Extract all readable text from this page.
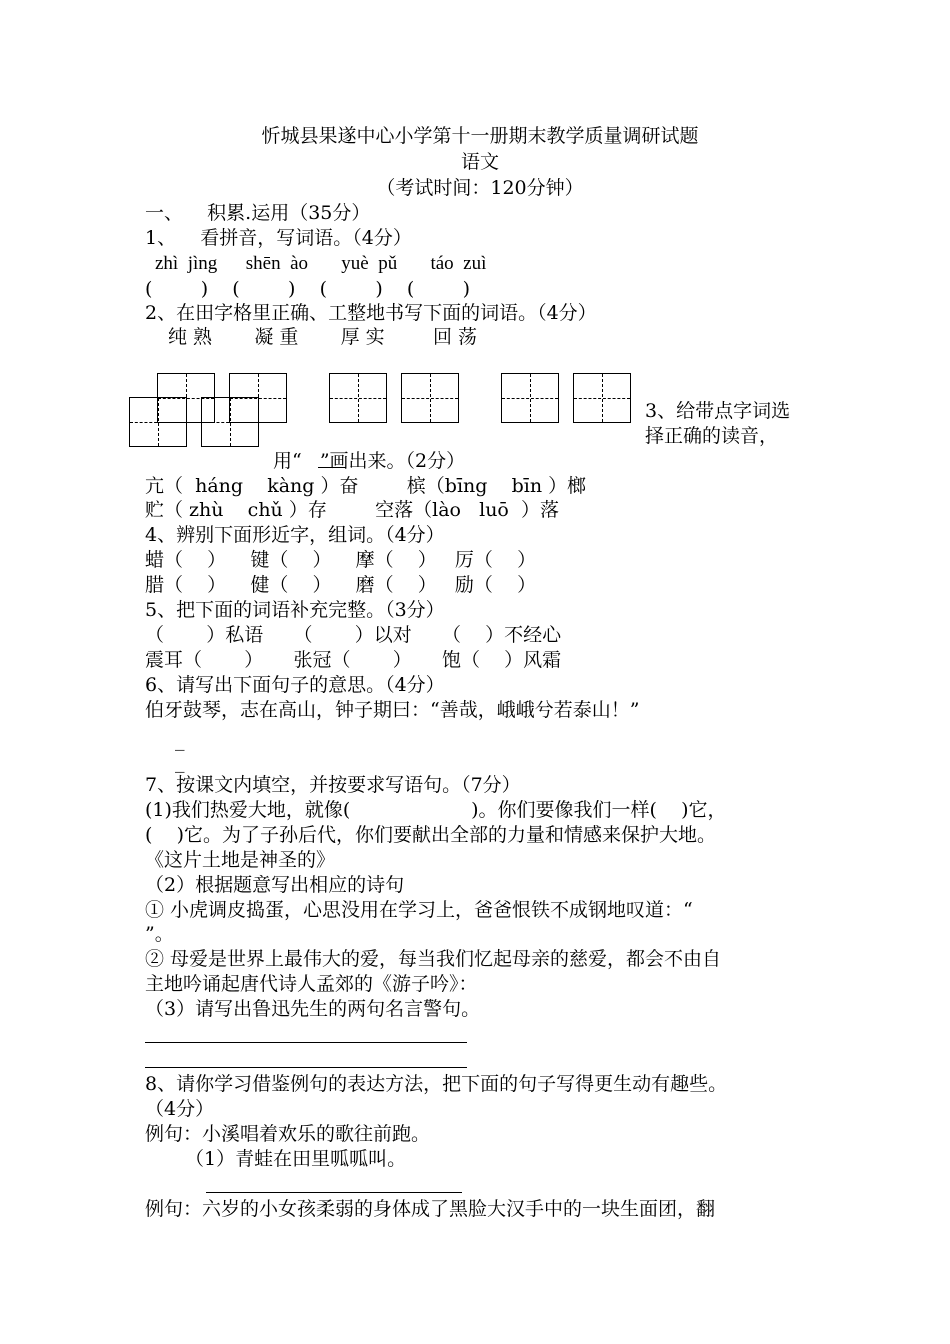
忻城县果遂中心小学第十一册期末教学质量调研试题
语文
（考试时间：120分钟）
一、    积累.运用（35分）
1、    看拼音，写词语。（4分）
zhì  jìng      shēn  ào       yuè  pǔ       táo  zuì
(        )    (        )    (        )    (        )
2、在田字格里正确、工整地书写下面的词语。（4分）
纯 熟       凝 重       厚 实        回 荡
3、给带点字词选
择正确的读音，
用“   ”画出来。（2分）
亢（  háng    kàng ）奋        槟（bīng    bīn ）榔
贮（ zhù    chǔ ）存        空落（lào   luō  ）落
4、辨别下面形近字，组词。（4分）
蜡（    ）    键（    ）    摩（    ）   厉（    ）
腊（    ）    健（    ）    磨（    ）   励（    ）
5、把下面的词语补充完整。（3分）
（       ）私语     （       ）以对     （    ）不经心
震耳（       ）     张冠（       ）     饱（    ）风霜
6、请写出下面句子的意思。（4分）
伯牙鼓琴，志在高山，钟子期曰：“善哉，峨峨兮若泰山！”
_
_
7、按课文内填空，并按要求写语句。（7分）
(1)我们热爱大地，就像(                    )。你们要像我们一样(    )它，
(    )它。为了子孙后代，你们要献出全部的力量和情感来保护大地。
《这片土地是神圣的》
（2）根据题意写出相应的诗句
① 小虎调皮捣蛋，心思没用在学习上，爸爸恨铁不成钢地叹道：“
”。
② 母爱是世界上最伟大的爱，每当我们忆起母亲的慈爱，都会不由自
主地吟诵起唐代诗人孟郊的《游子吟》：
（3）请写出鲁迅先生的两句名言警句。
8、请你学习借鉴例句的表达方法，把下面的句子写得更生动有趣些。
（4分）
例句：小溪唱着欢乐的歌往前跑。
（1）青蛙在田里呱呱叫。
例句：六岁的小女孩柔弱的身体成了黑脸大汉手中的一块生面团，翻
